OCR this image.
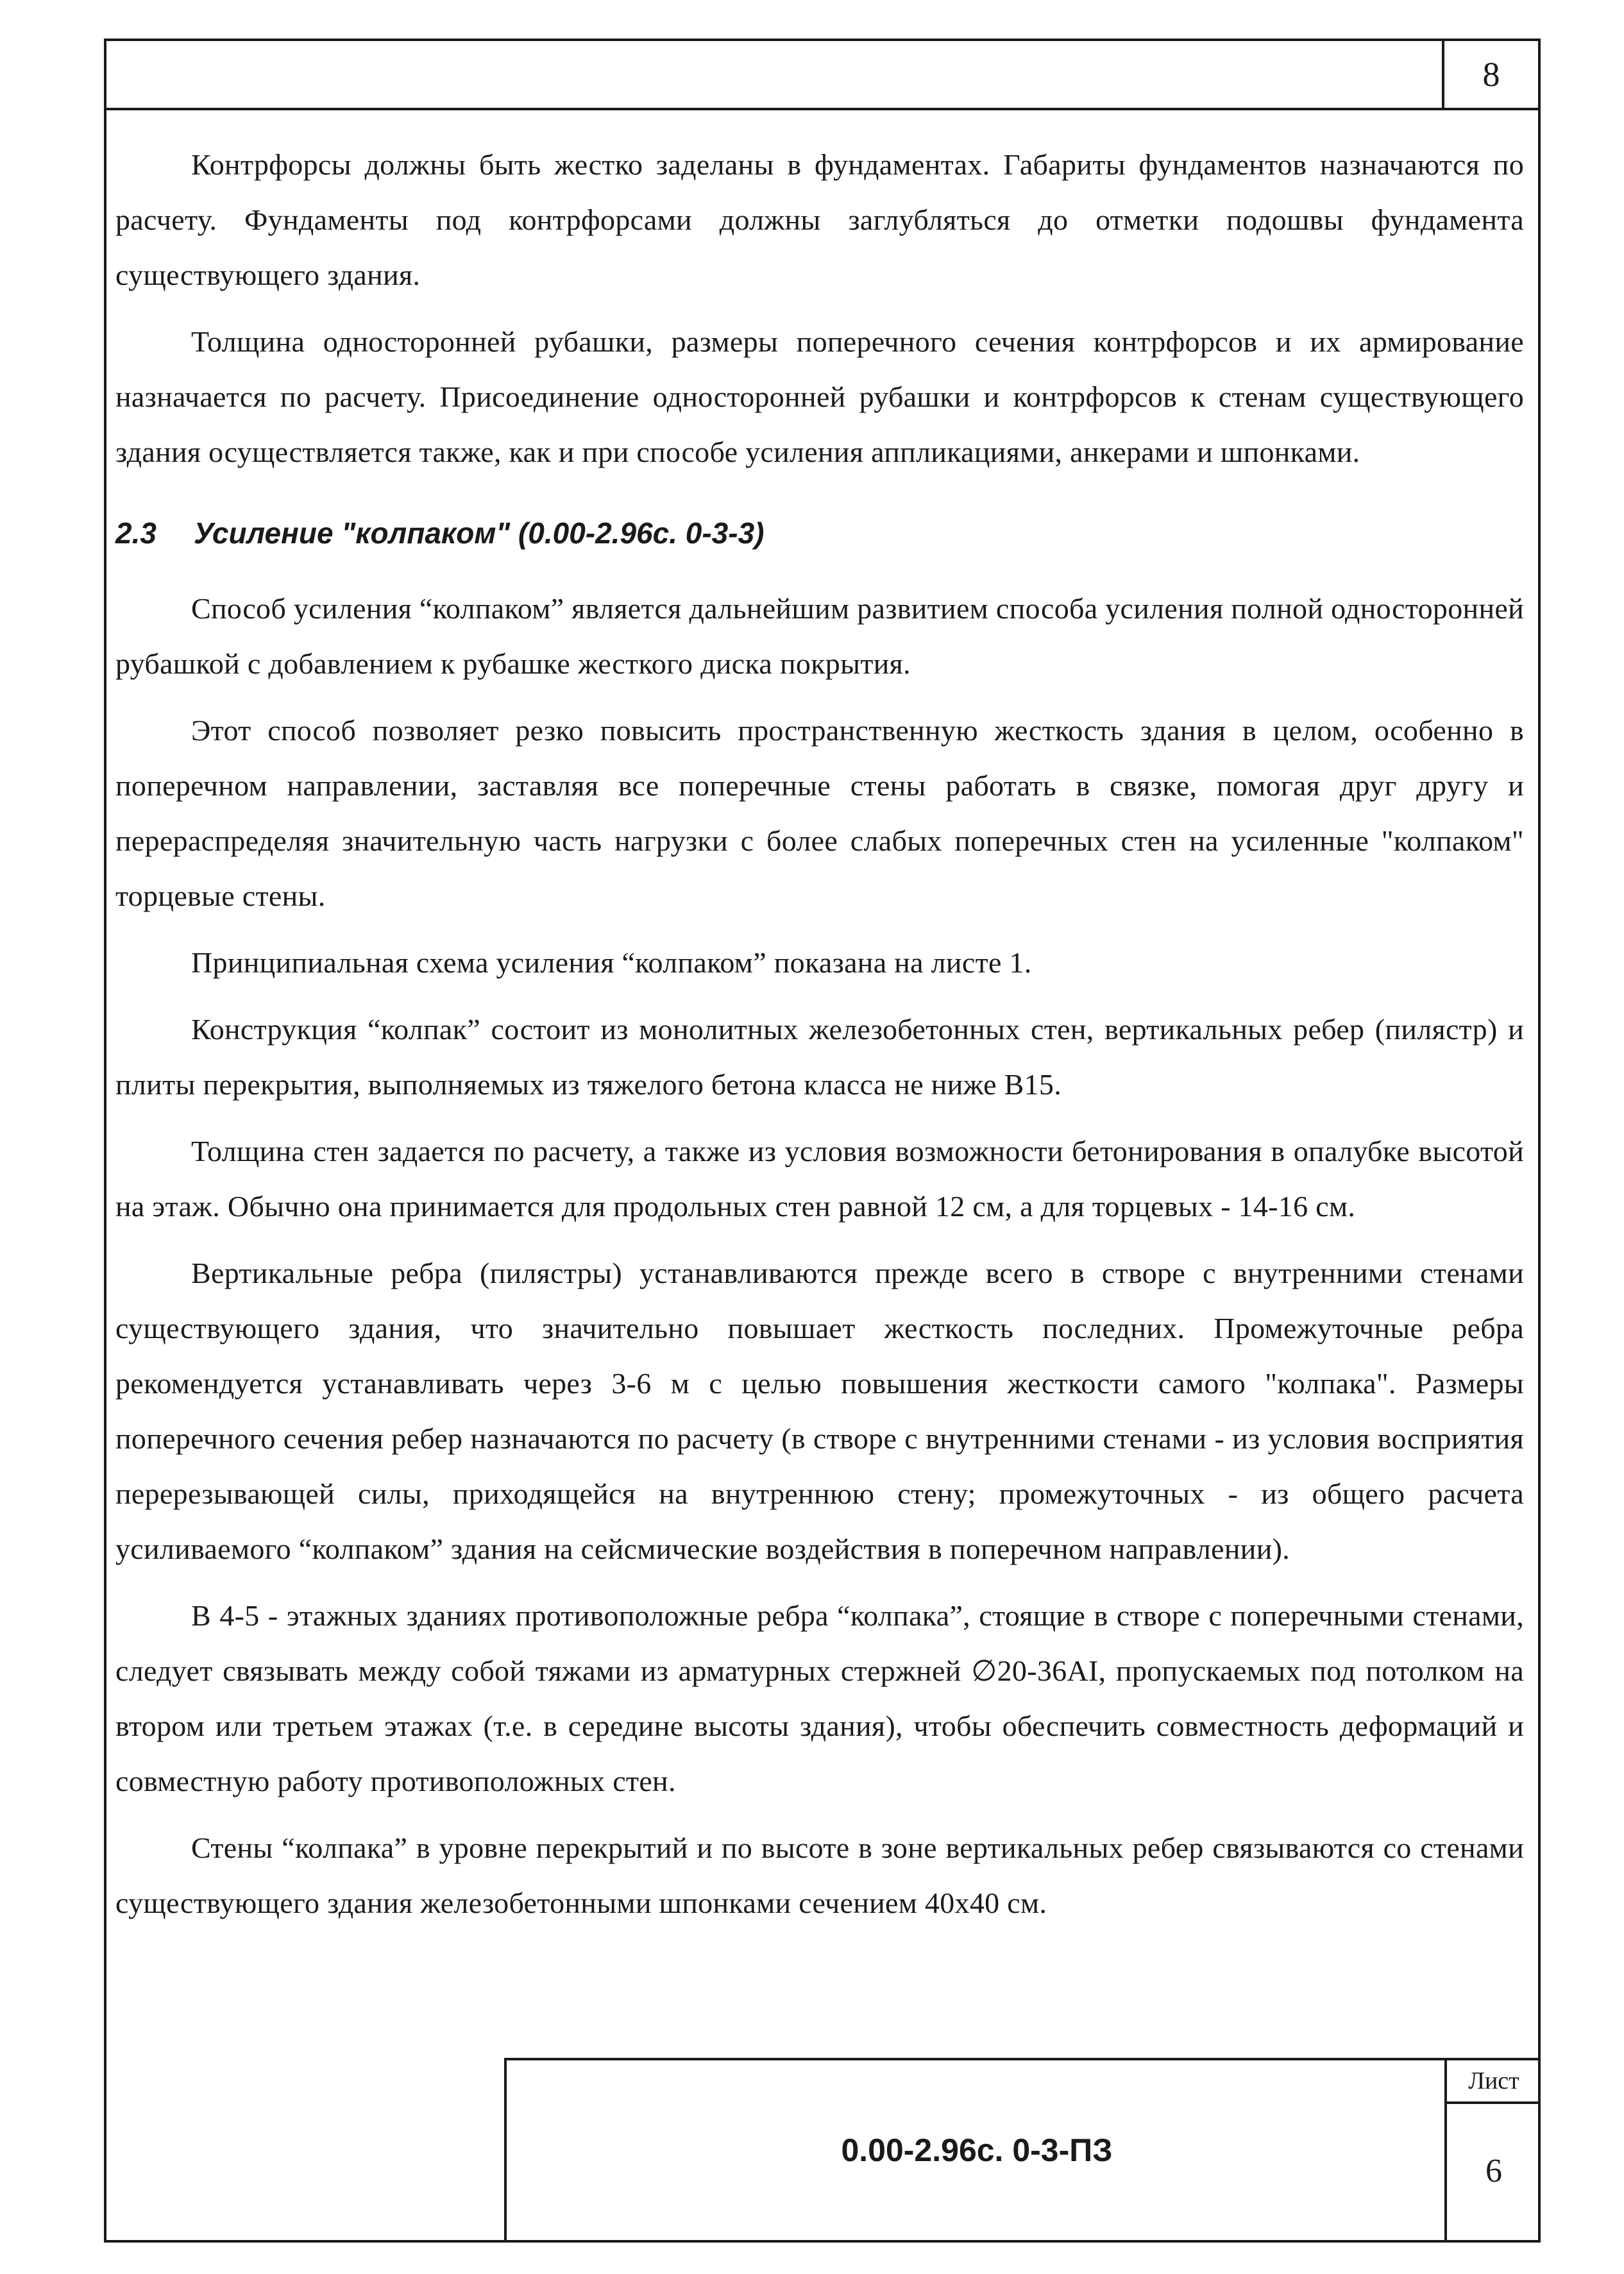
8

Контрфорсы должны быть жестко заделаны в фундаментах. Габариты фундаментов назначаются по расчету. Фундаменты под контрфорсами должны заглубляться до отметки подошвы фундамента существующего здания.

Толщина односторонней рубашки, размеры поперечного сечения контрфорсов и их армирование назначается по расчету. Присоединение односторонней рубашки и контрфорсов к стенам существующего здания осуществляется также, как и при способе усиления аппликациями, анкерами и шпонками.

2.3 Усиление "колпаком" (0.00-2.96с. 0-3-3)

Способ усиления “колпаком” является дальнейшим развитием способа усиления полной односторонней рубашкой с добавлением к рубашке жесткого диска покрытия.

Этот способ позволяет резко повысить пространственную жесткость здания в целом, особенно в поперечном направлении, заставляя все поперечные стены работать в связке, помогая друг другу и перераспределяя значительную часть нагрузки с более слабых поперечных стен на усиленные "колпаком" торцевые стены.

Принципиальная схема усиления “колпаком” показана на листе 1.

Конструкция “колпак” состоит из монолитных железобетонных стен, вертикальных ребер (пилястр) и плиты перекрытия, выполняемых из тяжелого бетона класса не ниже В15.

Толщина стен задается по расчету, а также из условия возможности бетонирования в опалубке высотой на этаж. Обычно она принимается для продольных стен равной 12 см, а для торцевых - 14-16 см.

Вертикальные ребра (пилястры) устанавливаются прежде всего в створе с внутренними стенами существующего здания, что значительно повышает жесткость последних. Промежуточные ребра рекомендуется устанавливать через 3-6 м с целью повышения жесткости самого "колпака". Размеры поперечного сечения ребер назначаются по расчету (в створе с внутренними стенами - из условия восприятия перерезывающей силы, приходящейся на внутреннюю стену; промежуточных - из общего расчета усиливаемого “колпаком” здания на сейсмические воздействия в поперечном направлении).

В 4-5 - этажных зданиях противоположные ребра “колпака”, стоящие в створе с поперечными стенами, следует связывать между собой тяжами из арматурных стержней ∅20-36АI, пропускаемых под потолком на втором или третьем этажах (т.е. в середине высоты здания), чтобы обеспечить совместность деформаций и совместную работу противоположных стен.

Стены “колпака” в уровне перекрытий и по высоте в зоне вертикальных ребер связываются со стенами существующего здания железобетонными шпонками сечением 40х40 см.

0.00-2.96с. 0-3-ПЗ
Лист
6
